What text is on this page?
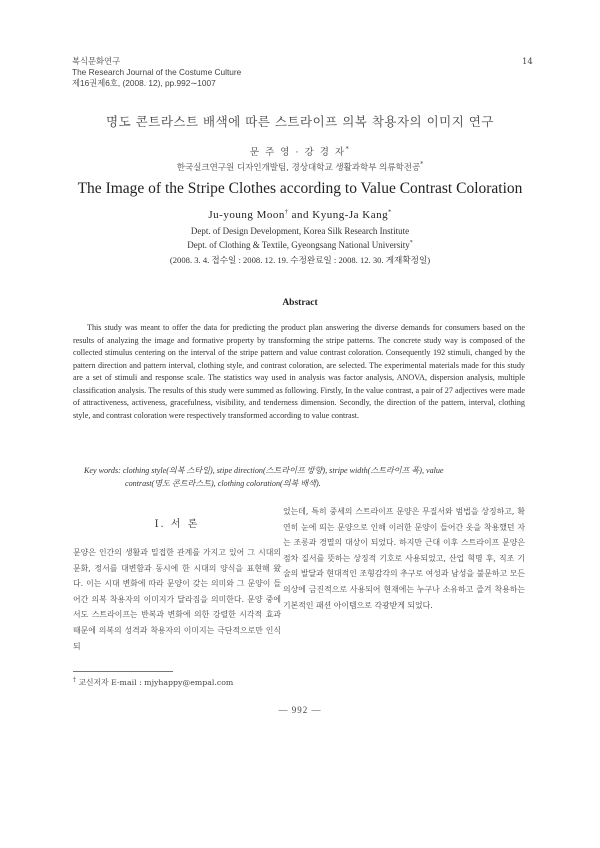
복식문화연구
The Research Journal of the Costume Culture
제16권제6호, (2008. 12), pp.992∼1007
14
명도 콘트라스트 배색에 따른 스트라이프 의복 착용자의 이미지 연구
문 주 영 · 강 경 자*
한국실크연구원 디자인개발팀, 경상대학교 생활과학부 의류학전공*
The Image of the Stripe Clothes according to Value Contrast Coloration
Ju-young Moon† and Kyung-Ja Kang*
Dept. of Design Development, Korea Silk Research Institute
Dept. of Clothing & Textile, Gyeongsang National University*
(2008. 3. 4. 접수일 : 2008. 12. 19. 수정완료일 : 2008. 12. 30. 게재확정일)
Abstract
This study was meant to offer the data for predicting the product plan answering the diverse demands for consumers based on the results of analyzing the image and formative property by transforming the stripe patterns. The concrete study way is composed of the collected stimulus centering on the interval of the stripe pattern and value contrast coloration. Consequently 192 stimuli, changed by the pattern direction and pattern interval, clothing style, and contrast coloration, are selected. The experimental materials made for this study are a set of stimuli and response scale. The statistics way used in analysis was factor analysis, ANOVA, dispersion analysis, multiple classification analysis. The results of this study were summed as following. Firstly, In the value contrast, a pair of 27 adjectives were made of attractiveness, activeness, gracefulness, visibility, and tenderness dimension. Secondly, the direction of the pattern, interval, clothing style, and contrast coloration were respectively transformed according to value contrast.
Key words: clothing style(의복 스타일), stipe direction(스트라이프 방향), stripe width(스트라이프 폭), value
contrast(명도 콘트라스트), clothing coloration(의복 배색).
Ⅰ. 서 론
문양은 인간의 생활과 밀접한 관계를 가지고 있어 그 시대의 문화, 정서를 대변함과 동시에 한 시대의 양식을 표현해 왔다. 이는 시대 변화에 따라 문양이 갖는 의미와 그 문양이 들어간 의복 착용자의 이미지가 달라짐을 의미한다. 문양 중에서도 스트라이프는 반복과 변화에 의한 강렬한 시각적 효과 때문에 의복의 성격과 착용자의 이미지는 극단적으로만 인식되
었는데, 특히 중세의 스트라이프 문양은 무질서와 범법을 상징하고, 확연히 눈에 띄는 문양으로 인해 이러한 문양이 들어간 옷을 착용했던 자는 조롱과 경멸의 대상이 되었다. 하지만 근대 이후 스트라이프 문양은 점차 질서를 뜻하는 상징적 기호로 사용되었고, 산업 혁명 후, 직조 기술의 발달과 현대적인 조형감각의 추구로 여성과 남성을 불문하고 모든 의상에 금진적으로 사용되어 현재에는 누구나 소유하고 즐겨 착용하는 기본적인 패션 아이템으로 각광받게 되었다.
† 교신저자 E-mail : mjyhappy@empal.com
― 992 ―
